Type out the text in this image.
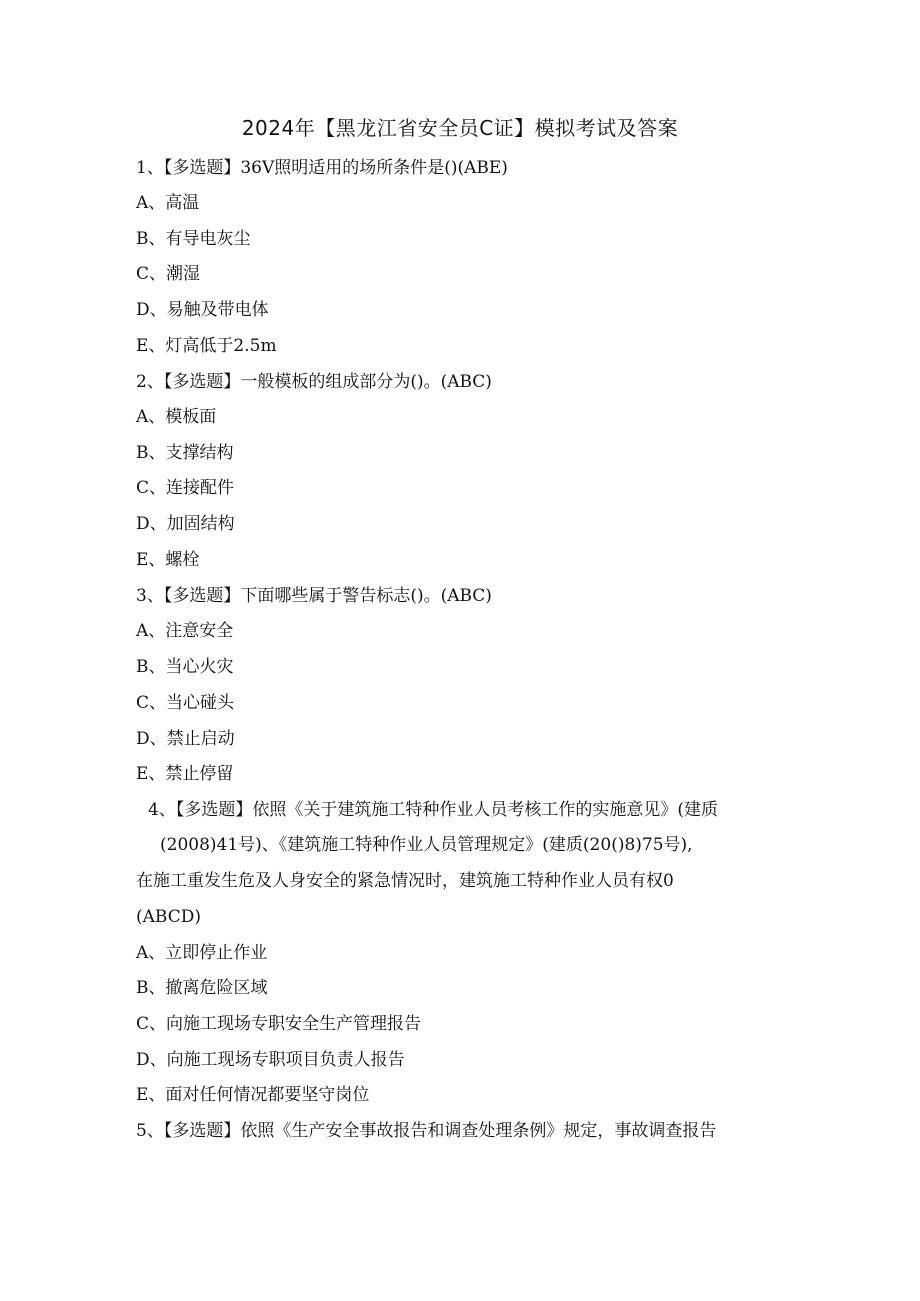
2024年【黑龙江省安全员C证】模拟考试及答案
1、【多选题】36V照明适用的场所条件是()(ABE)
A、高温
B、有导电灰尘
C、潮湿
D、易触及带电体
E、灯高低于2.5m
2、【多选题】一般模板的组成部分为()。(ABC)
A、模板面
B、支撑结构
C、连接配件
D、加固结构
E、螺栓
3、【多选题】下面哪些属于警告标志()。(ABC)
A、注意安全
B、当心火灾
C、当心碰头
D、禁止启动
E、禁止停留
4、【多选题】依照《关于建筑施工特种作业人员考核工作的实施意见》(建质
(2008)41号)、《建筑施工特种作业人员管理规定》(建质(20()8)75号),
在施工重发生危及人身安全的紧急情况时，建筑施工特种作业人员有权0
(ABCD)
A、立即停止作业
B、撤离危险区域
C、向施工现场专职安全生产管理报告
D、向施工现场专职项目负责人报告
E、面对任何情况都要坚守岗位
5、【多选题】依照《生产安全事故报告和调查处理条例》规定，事故调查报告
